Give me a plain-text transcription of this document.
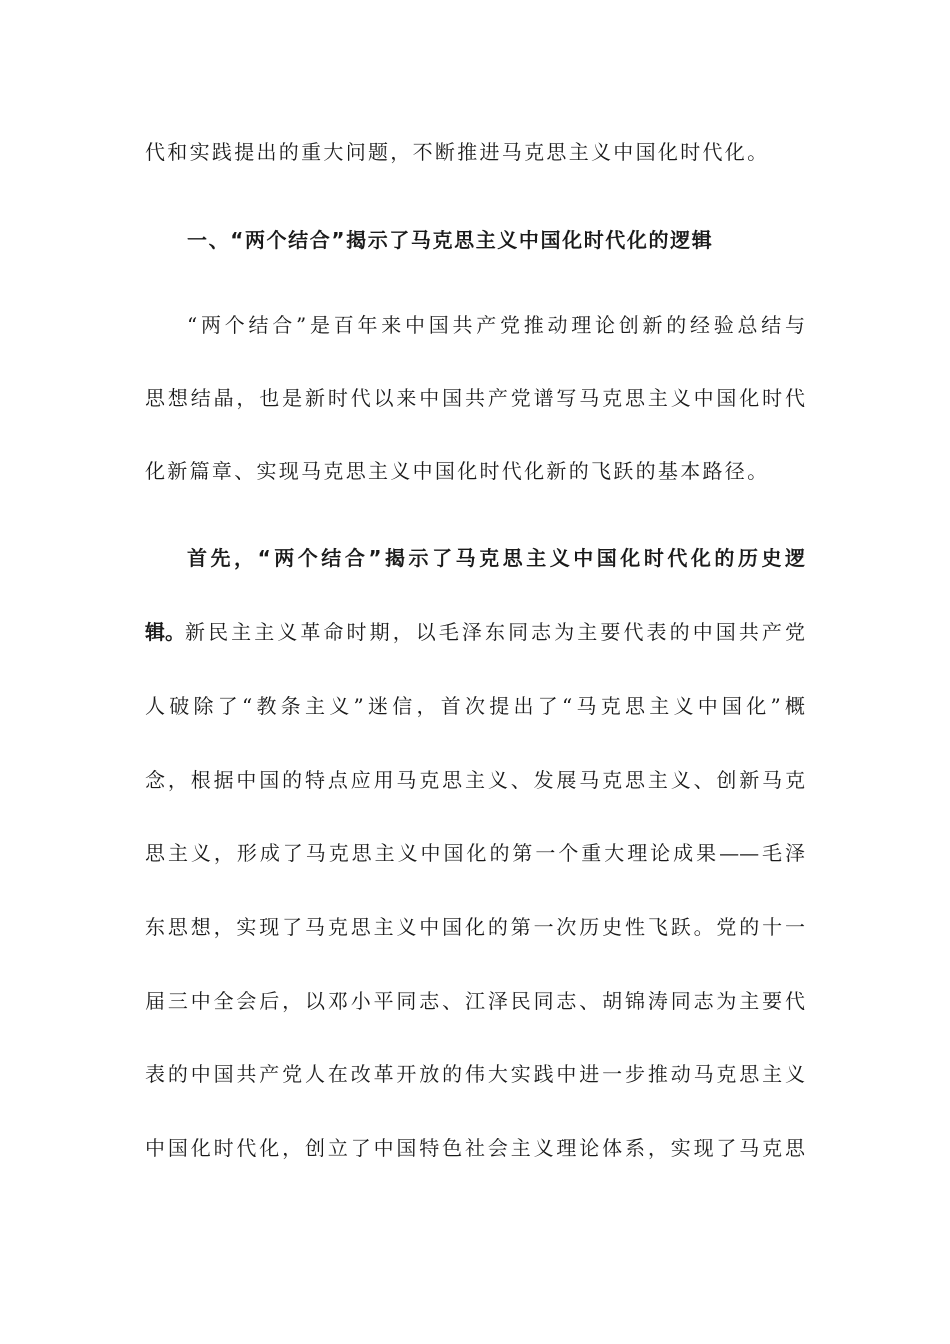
代和实践提出的重大问题，不断推进马克思主义中国化时代化。
一、“两个结合”揭示了马克思主义中国化时代化的逻辑
“两个结合”是百年来中国共产党推动理论创新的经验总结与
思想结晶，也是新时代以来中国共产党谱写马克思主义中国化时代
化新篇章、实现马克思主义中国化时代化新的飞跃的基本路径。
首先，“两个结合”揭示了马克思主义中国化时代化的历史逻
辑。 新民主主义革命时期，以毛泽东同志为主要代表的中国共产党
人破除了“教条主义”迷信，首次提出了“马克思主义中国化”概
念，根据中国的特点应用马克思主义、发展马克思主义、创新马克
思主义，形成了马克思主义中国化的第一个重大理论成果——毛泽
东思想，实现了马克思主义中国化的第一次历史性飞跃。党的十一
届三中全会后，以邓小平同志、江泽民同志、胡锦涛同志为主要代
表的中国共产党人在改革开放的伟大实践中进一步推动马克思主义
中国化时代化，创立了中国特色社会主义理论体系，实现了马克思
